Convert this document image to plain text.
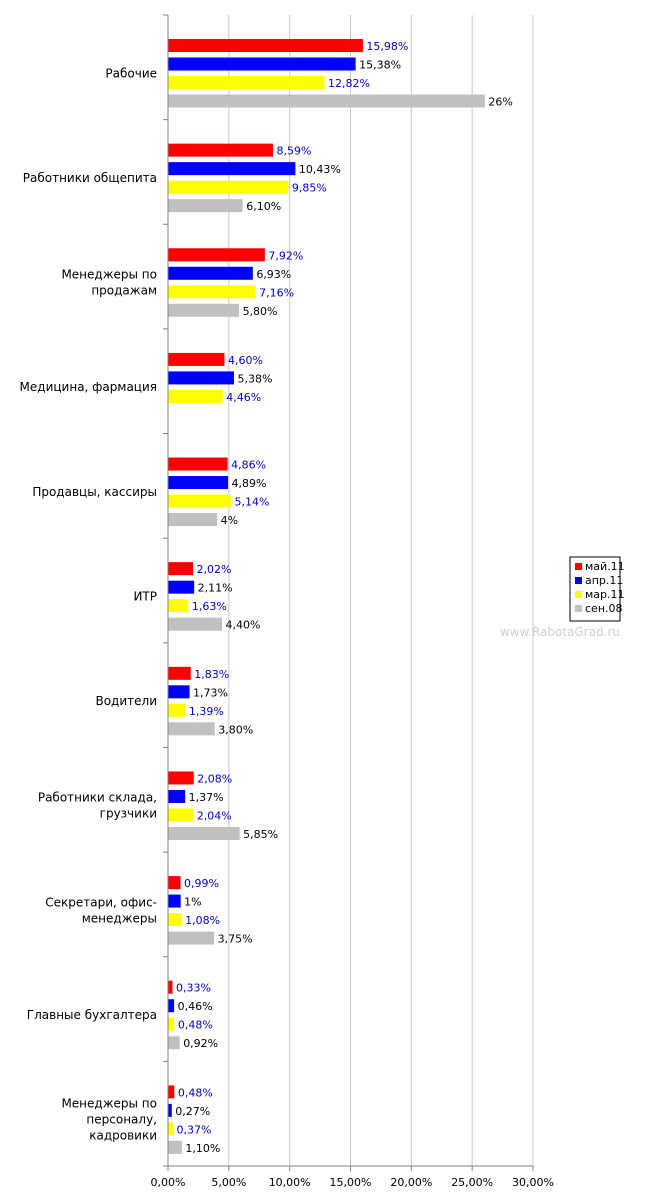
15,98%
8,59%
7,92%
4,60%
4,86%
2,02%
1,83%
2,08%
0,99%
0,33%
0,48%
15,38%
10,43%
6,93%
5,38%
4,89%
2,11%
1,73%
1,37%
1%
0,46%
0,27%
12,82%
9,85%
7,16%
4,46%
5,14%
1,63%
1,39%
2,04%
1,08%
0,48%
0,37%
26%
6,10%
5,80%
4%
4,40%
3,80%
5,85%
3,75%
0,92%
1,10%
0,00% 5,00% 10,00% 15,00% 20,00% 25,00% 30,00%
Рабочие
Работники общепита
Менеджеры по
продажам
Медицина, фармация
Продавцы, кассиры
ИТР
Водители
Работники склада,
грузчики
Секретари, офис-
менеджеры
Главные бухгалтера
Менеджеры по
персоналу,
кадровики
май.11
апр.11
мар.11
сен.08
www.RabotaGrad.ru
